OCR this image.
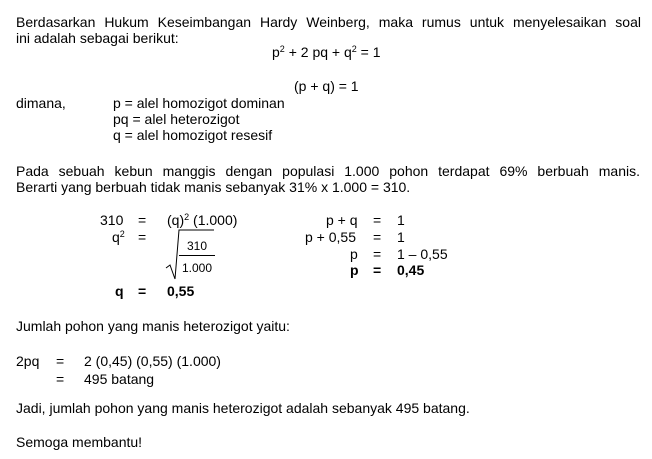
Berdasarkan Hukum Keseimbangan Hardy Weinberg, maka rumus untuk menyelesaikan soal
ini adalah sebagai berikut:
$p^2 + 2$ pq + $q^2 = 1$
(p + q) = 1
dimana,	p = alel homozigot dominan
pq = alel heterozigot
q = alel homozigot resesif
Pada sebuah kebun manggis dengan populasi 1.000 pohon terdapat 69% berbuah manis.
Berarti yang berbuah tidak manis sebanyak 31% x 1.000 = 310.
$310 = (q)^2$ (1.000)
$q^2$ =
310
1.000
q = 0,55
p + q = 1
p + 0,55 = 1
p = 1 – 0,55
p = 0,45
Jumlah pohon yang manis heterozigot yaitu:
2pq = 2 (0,45) (0,55) (1.000)
= 495 batang
Jadi, jumlah pohon yang manis heterozigot adalah sebanyak 495 batang.
Semoga membantu!
